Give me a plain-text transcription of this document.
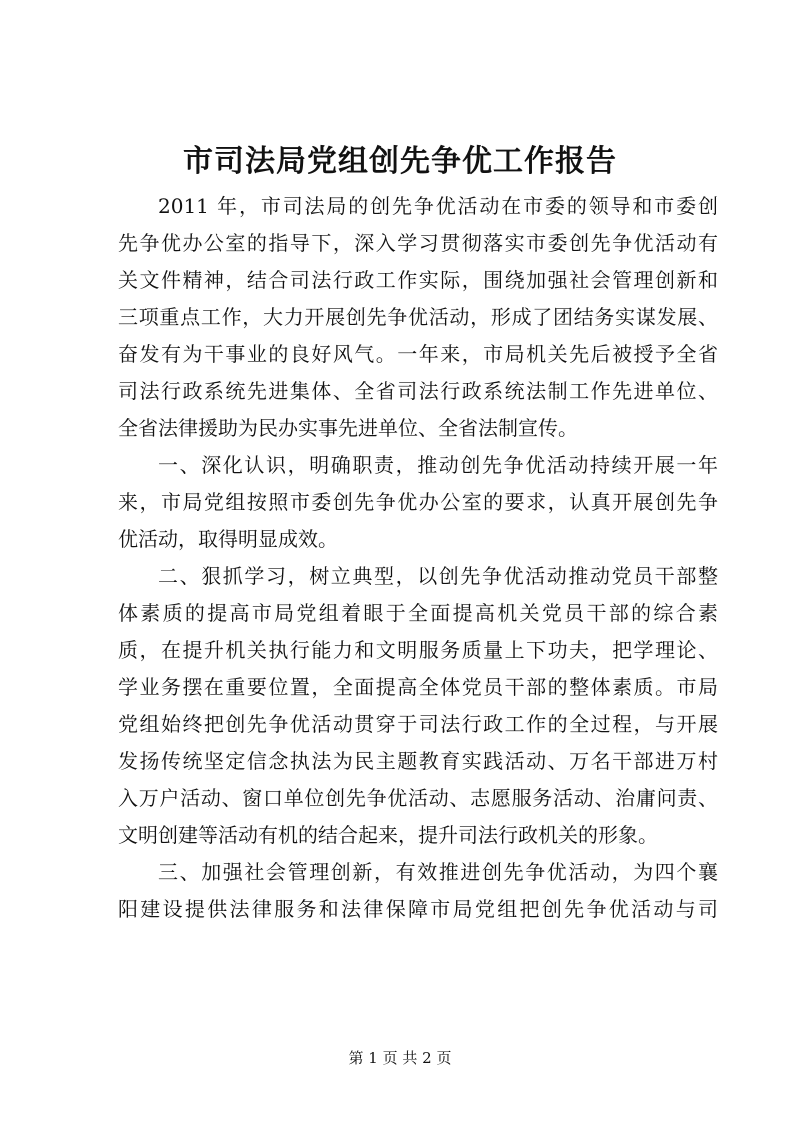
市司法局党组创先争优工作报告
2011 年，市司法局的创先争优活动在市委的领导和市委创
先争优办公室的指导下，深入学习贯彻落实市委创先争优活动有
关文件精神，结合司法行政工作实际，围绕加强社会管理创新和
三项重点工作，大力开展创先争优活动，形成了团结务实谋发展、
奋发有为干事业的良好风气。一年来，市局机关先后被授予全省
司法行政系统先进集体、全省司法行政系统法制工作先进单位、
全省法律援助为民办实事先进单位、全省法制宣传。
一、深化认识，明确职责，推动创先争优活动持续开展一年
来，市局党组按照市委创先争优办公室的要求，认真开展创先争
优活动，取得明显成效。
二、狠抓学习，树立典型，以创先争优活动推动党员干部整
体素质的提高市局党组着眼于全面提高机关党员干部的综合素
质，在提升机关执行能力和文明服务质量上下功夫，把学理论、
学业务摆在重要位置，全面提高全体党员干部的整体素质。市局
党组始终把创先争优活动贯穿于司法行政工作的全过程，与开展
发扬传统坚定信念执法为民主题教育实践活动、万名干部进万村
入万户活动、窗口单位创先争优活动、志愿服务活动、治庸问责、
文明创建等活动有机的结合起来，提升司法行政机关的形象。
三、加强社会管理创新，有效推进创先争优活动，为四个襄
阳建设提供法律服务和法律保障市局党组把创先争优活动与司
第 1 页 共 2 页
